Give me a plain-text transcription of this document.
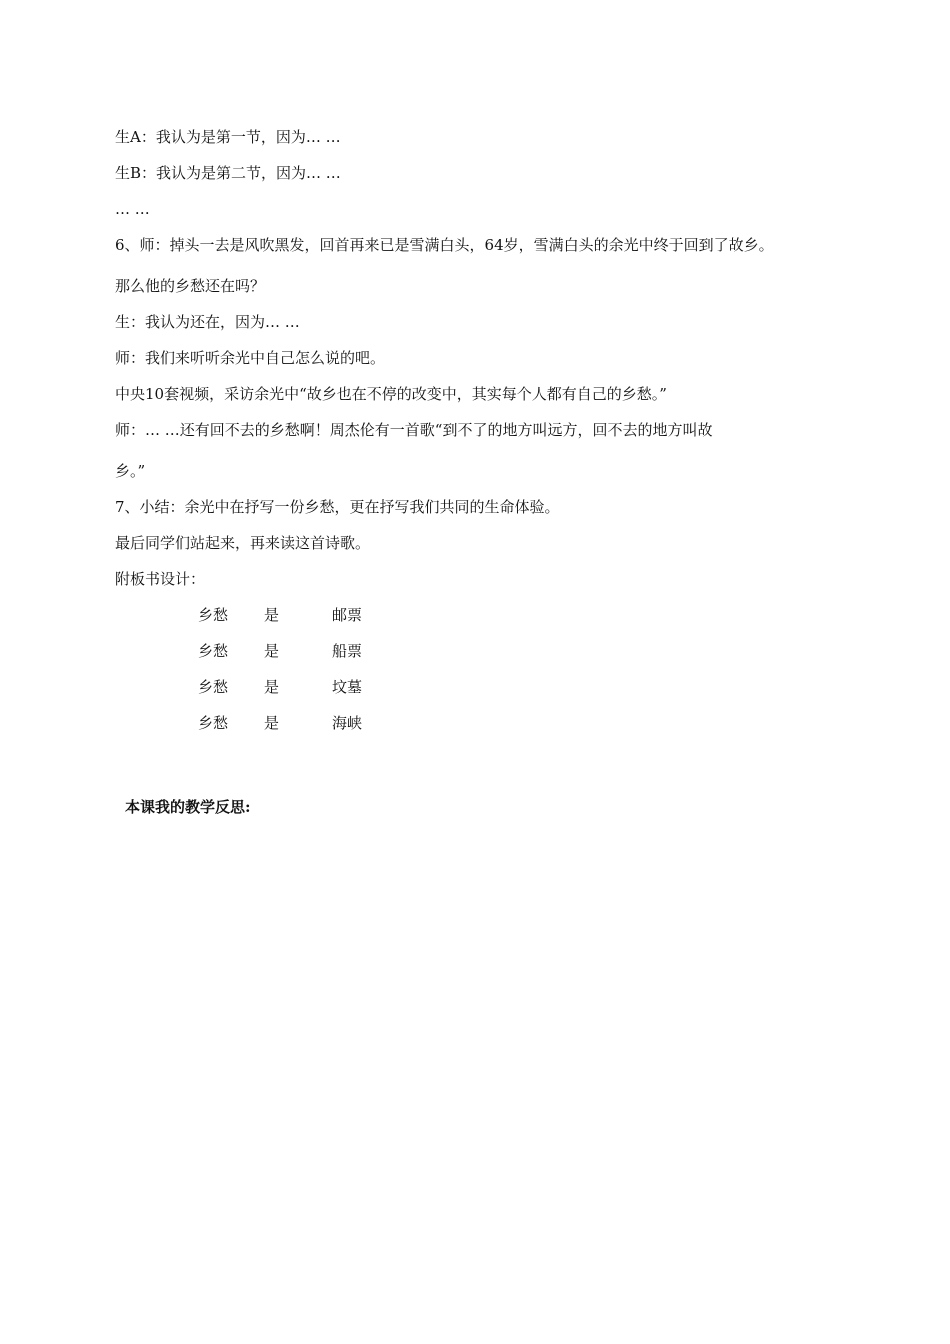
生A：我认为是第一节，因为… …
生B：我认为是第二节，因为… …
… …
6、师：掉头一去是风吹黑发，回首再来已是雪满白头，64岁，雪满白头的余光中终于回到了故乡。
那么他的乡愁还在吗？
生：我认为还在，因为… …
师：我们来听听余光中自己怎么说的吧。
中央10套视频，采访余光中“故乡也在不停的改变中，其实每个人都有自己的乡愁。”
师：… …还有回不去的乡愁啊！周杰伦有一首歌“到不了的地方叫远方，回不去的地方叫故
乡。”
7、小结：余光中在抒写一份乡愁，更在抒写我们共同的生命体验。
最后同学们站起来，再来读这首诗歌。
附板书设计：
乡愁 是	邮票
乡愁 是	船票
乡愁 是	坟墓
乡愁 是	海峡
本课我的教学反思:
